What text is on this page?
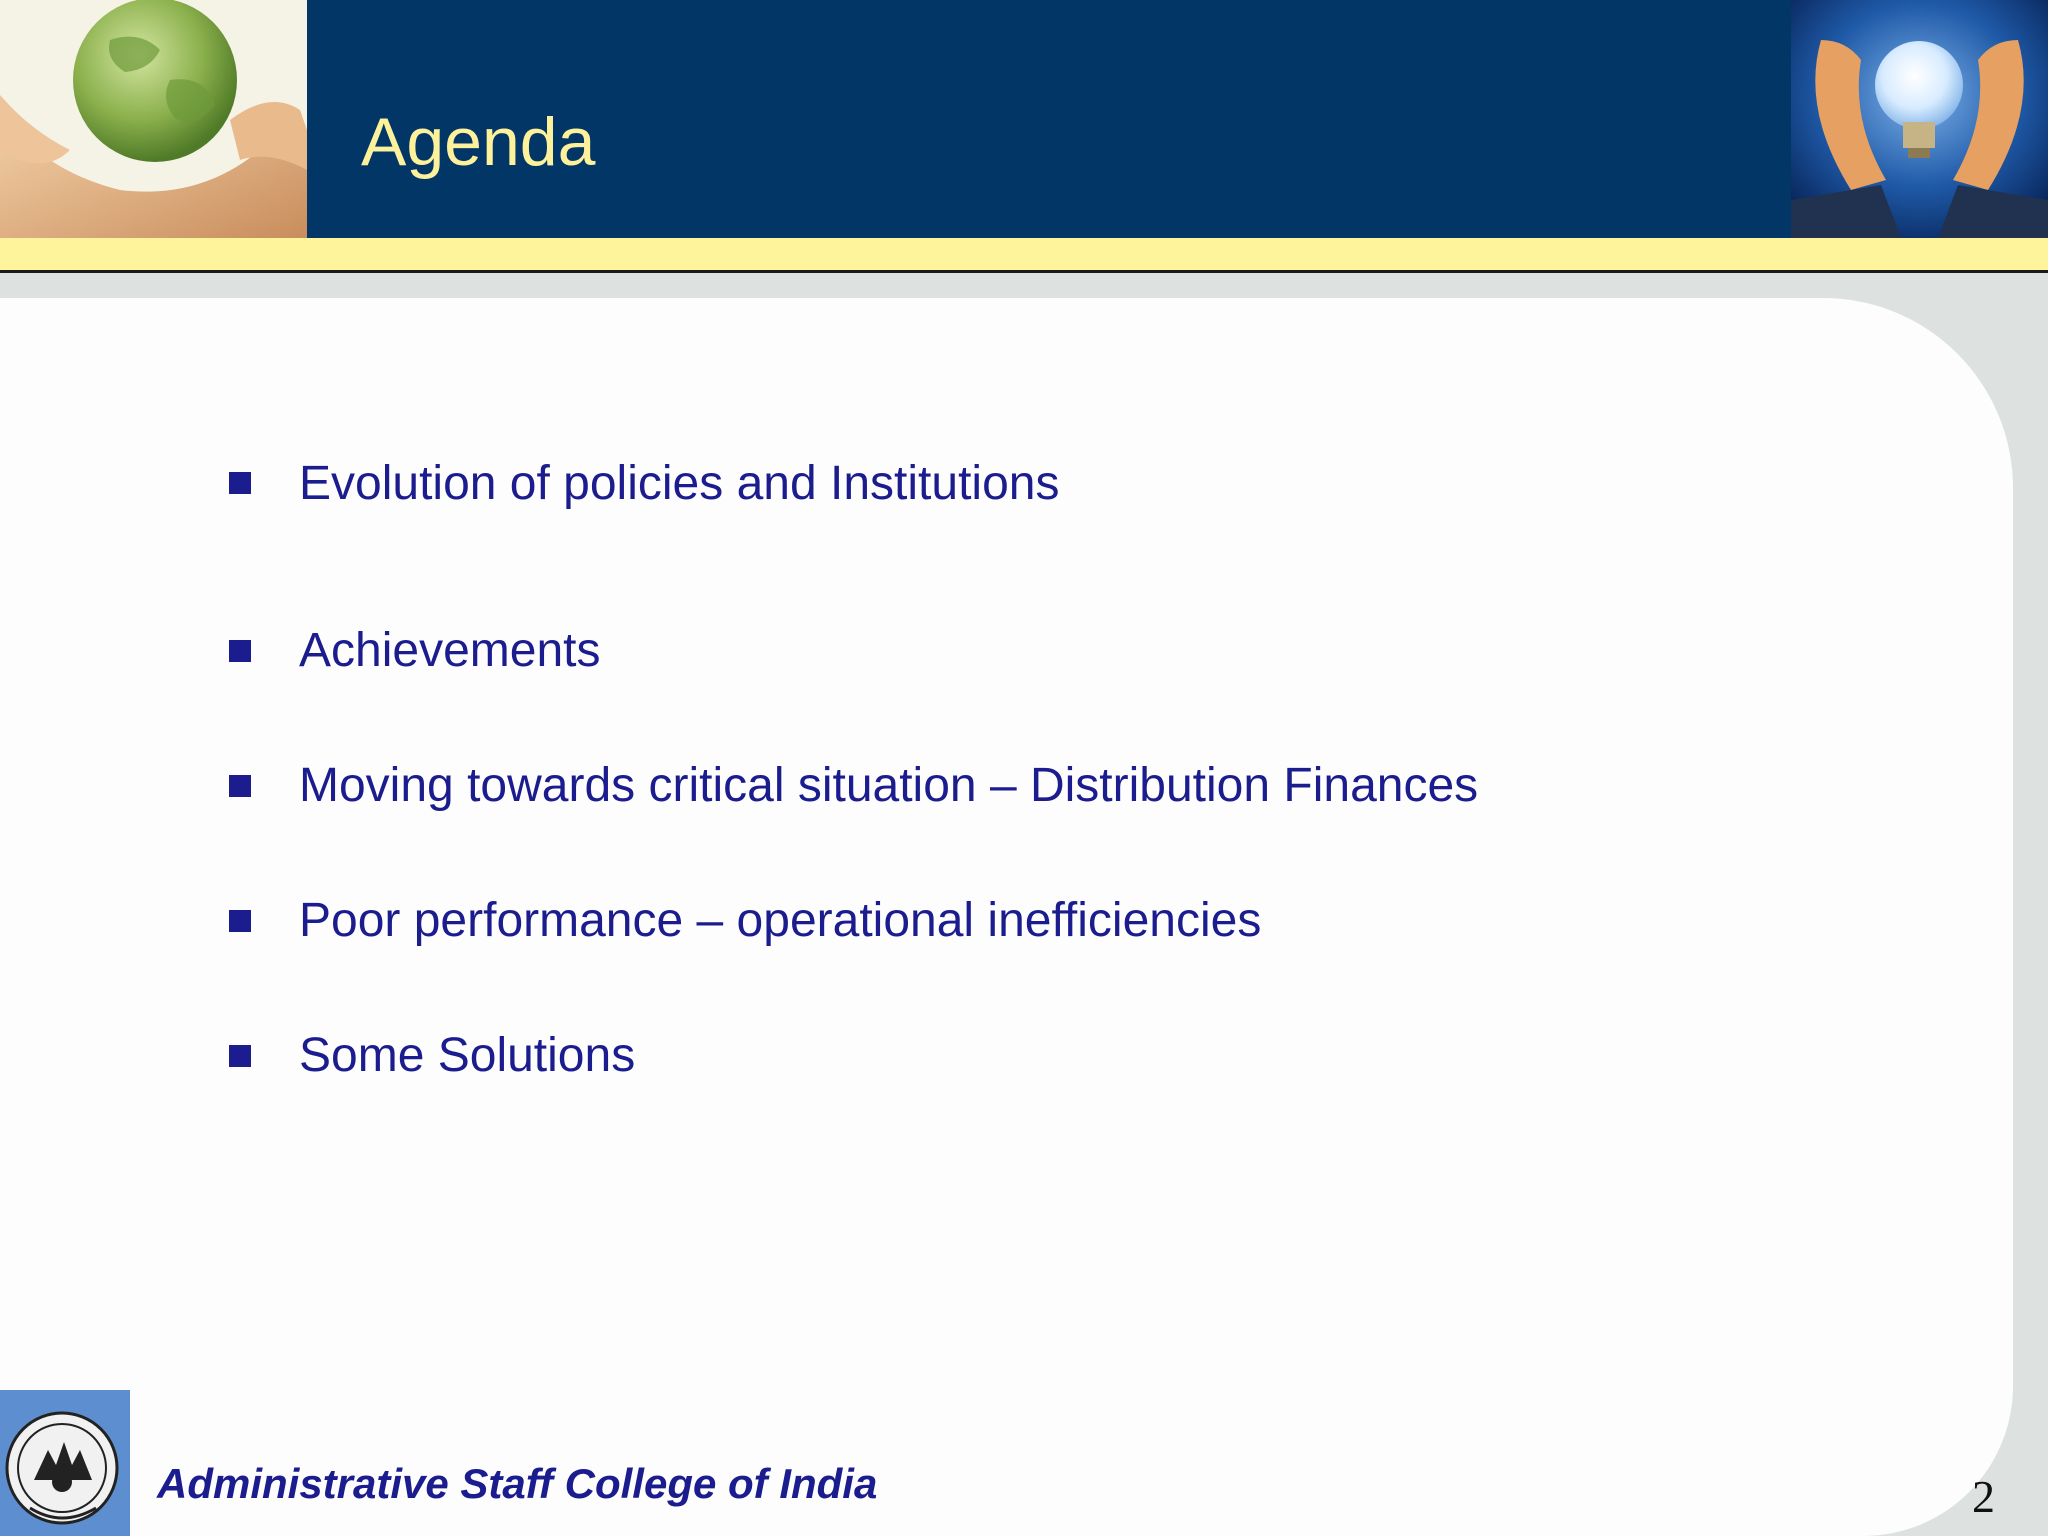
Agenda
Evolution of policies and Institutions
Achievements
Moving towards critical situation – Distribution Finances
Poor performance – operational inefficiencies
Some Solutions
Administrative Staff College of India	2
